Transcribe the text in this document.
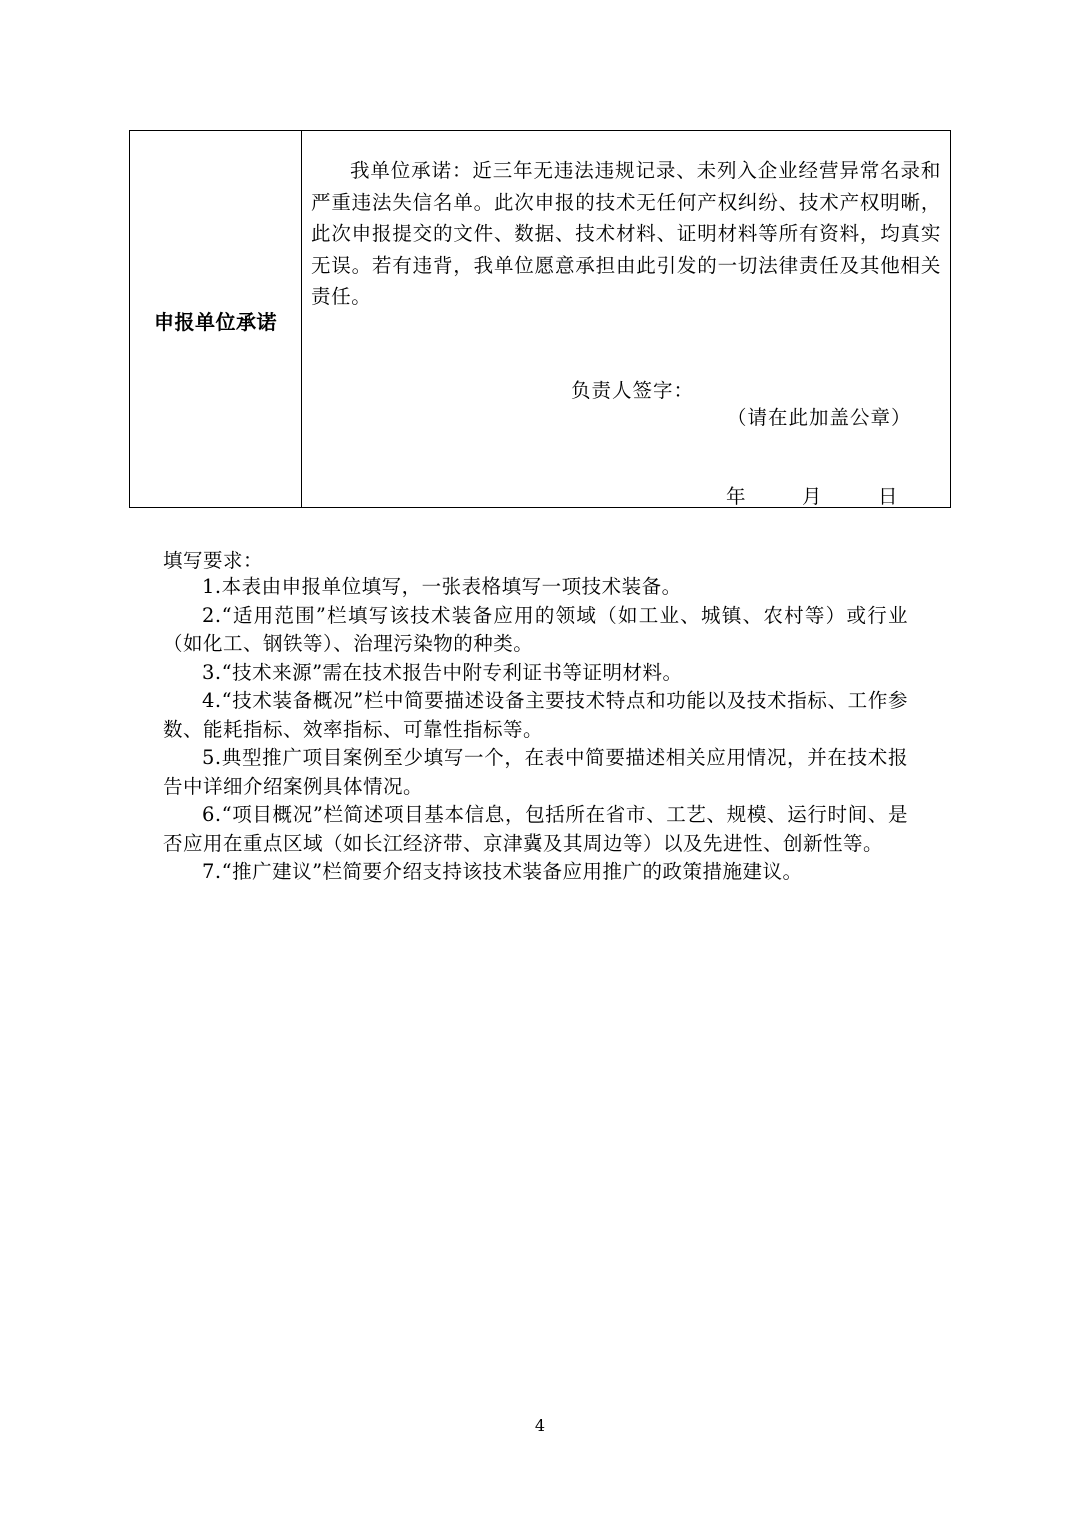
申报单位承诺

我单位承诺：近三年无违法违规记录、未列入企业经营异常名录和严重违法失信名单。此次申报的技术无任何产权纠纷、技术产权明晰，此次申报提交的文件、数据、技术材料、证明材料等所有资料，均真实无误。若有违背，我单位愿意承担由此引发的一切法律责任及其他相关责任。

负责人签字：
（请在此加盖公章）
年	月	日
填写要求：
1.本表由申报单位填写，一张表格填写一项技术装备。
2.“适用范围”栏填写该技术装备应用的领域（如工业、城镇、农村等）或行业（如化工、钢铁等）、治理污染物的种类。
3.“技术来源”需在技术报告中附专利证书等证明材料。
4.“技术装备概况”栏中简要描述设备主要技术特点和功能以及技术指标、工作参数、能耗指标、效率指标、可靠性指标等。
5.典型推广项目案例至少填写一个，在表中简要描述相关应用情况，并在技术报告中详细介绍案例具体情况。
6.“项目概况”栏简述项目基本信息，包括所在省市、工艺、规模、运行时间、是否应用在重点区域（如长江经济带、京津冀及其周边等）以及先进性、创新性等。
7.“推广建议”栏简要介绍支持该技术装备应用推广的政策措施建议。
4
